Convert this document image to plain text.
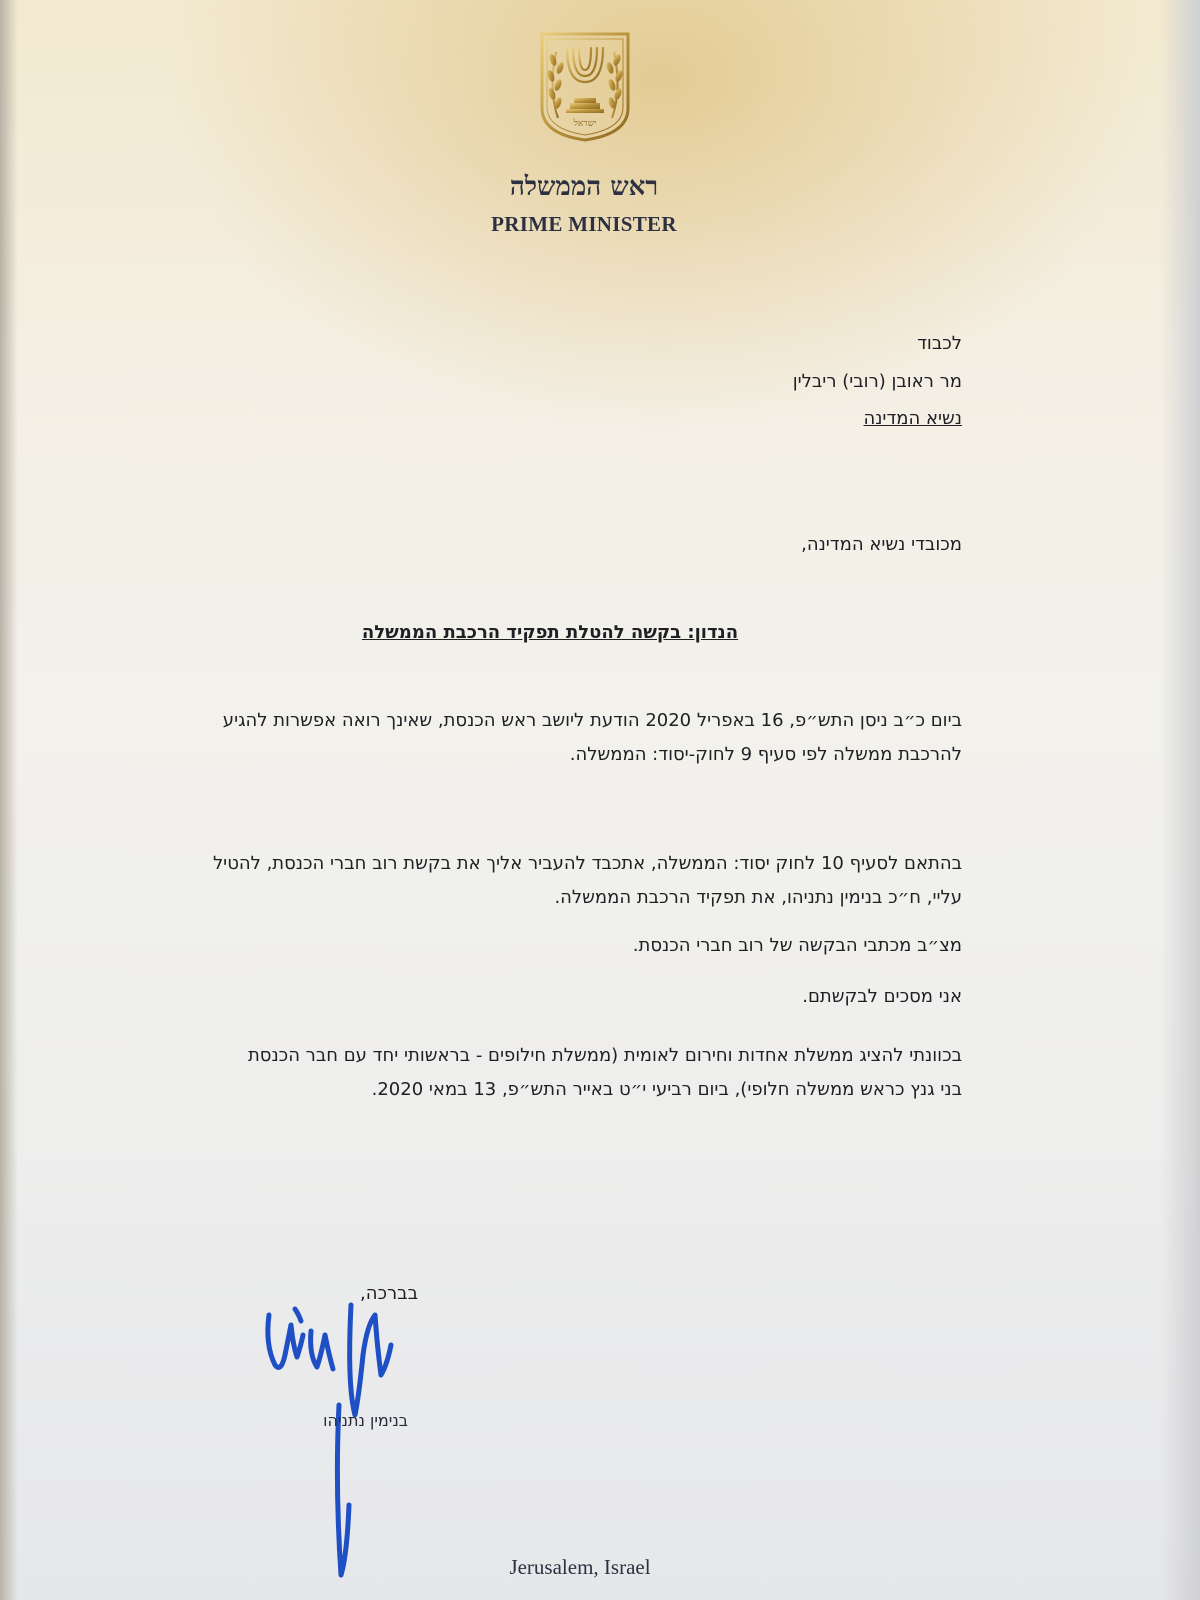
ישראל
ראש הממשלה
PRIME MINISTER
לכבוד
מר ראובן (רובי) ריבלין
נשיא המדינה
מכובדי נשיא המדינה,
הנדון: בקשה להטלת תפקיד הרכבת הממשלה
ביום כ״ב ניסן התש״פ, 16 באפריל 2020 הודעת ליושב ראש הכנסת, שאינך רואה אפשרות להגיע
להרכבת ממשלה לפי סעיף 9 לחוק-יסוד: הממשלה.
בהתאם לסעיף 10 לחוק יסוד: הממשלה, אתכבד להעביר אליך את בקשת רוב חברי הכנסת, להטיל
עליי, ח״כ בנימין נתניהו, את תפקיד הרכבת הממשלה.
מצ״ב מכתבי הבקשה של רוב חברי הכנסת.
אני מסכים לבקשתם.
בכוונתי להציג ממשלת אחדות וחירום לאומית (ממשלת חילופים - בראשותי יחד עם חבר הכנסת
בני גנץ כראש ממשלה חלופי), ביום רביעי י״ט באייר התש״פ, 13 במאי 2020.
בברכה,
בנימין נתניהו
Jerusalem, Israel
